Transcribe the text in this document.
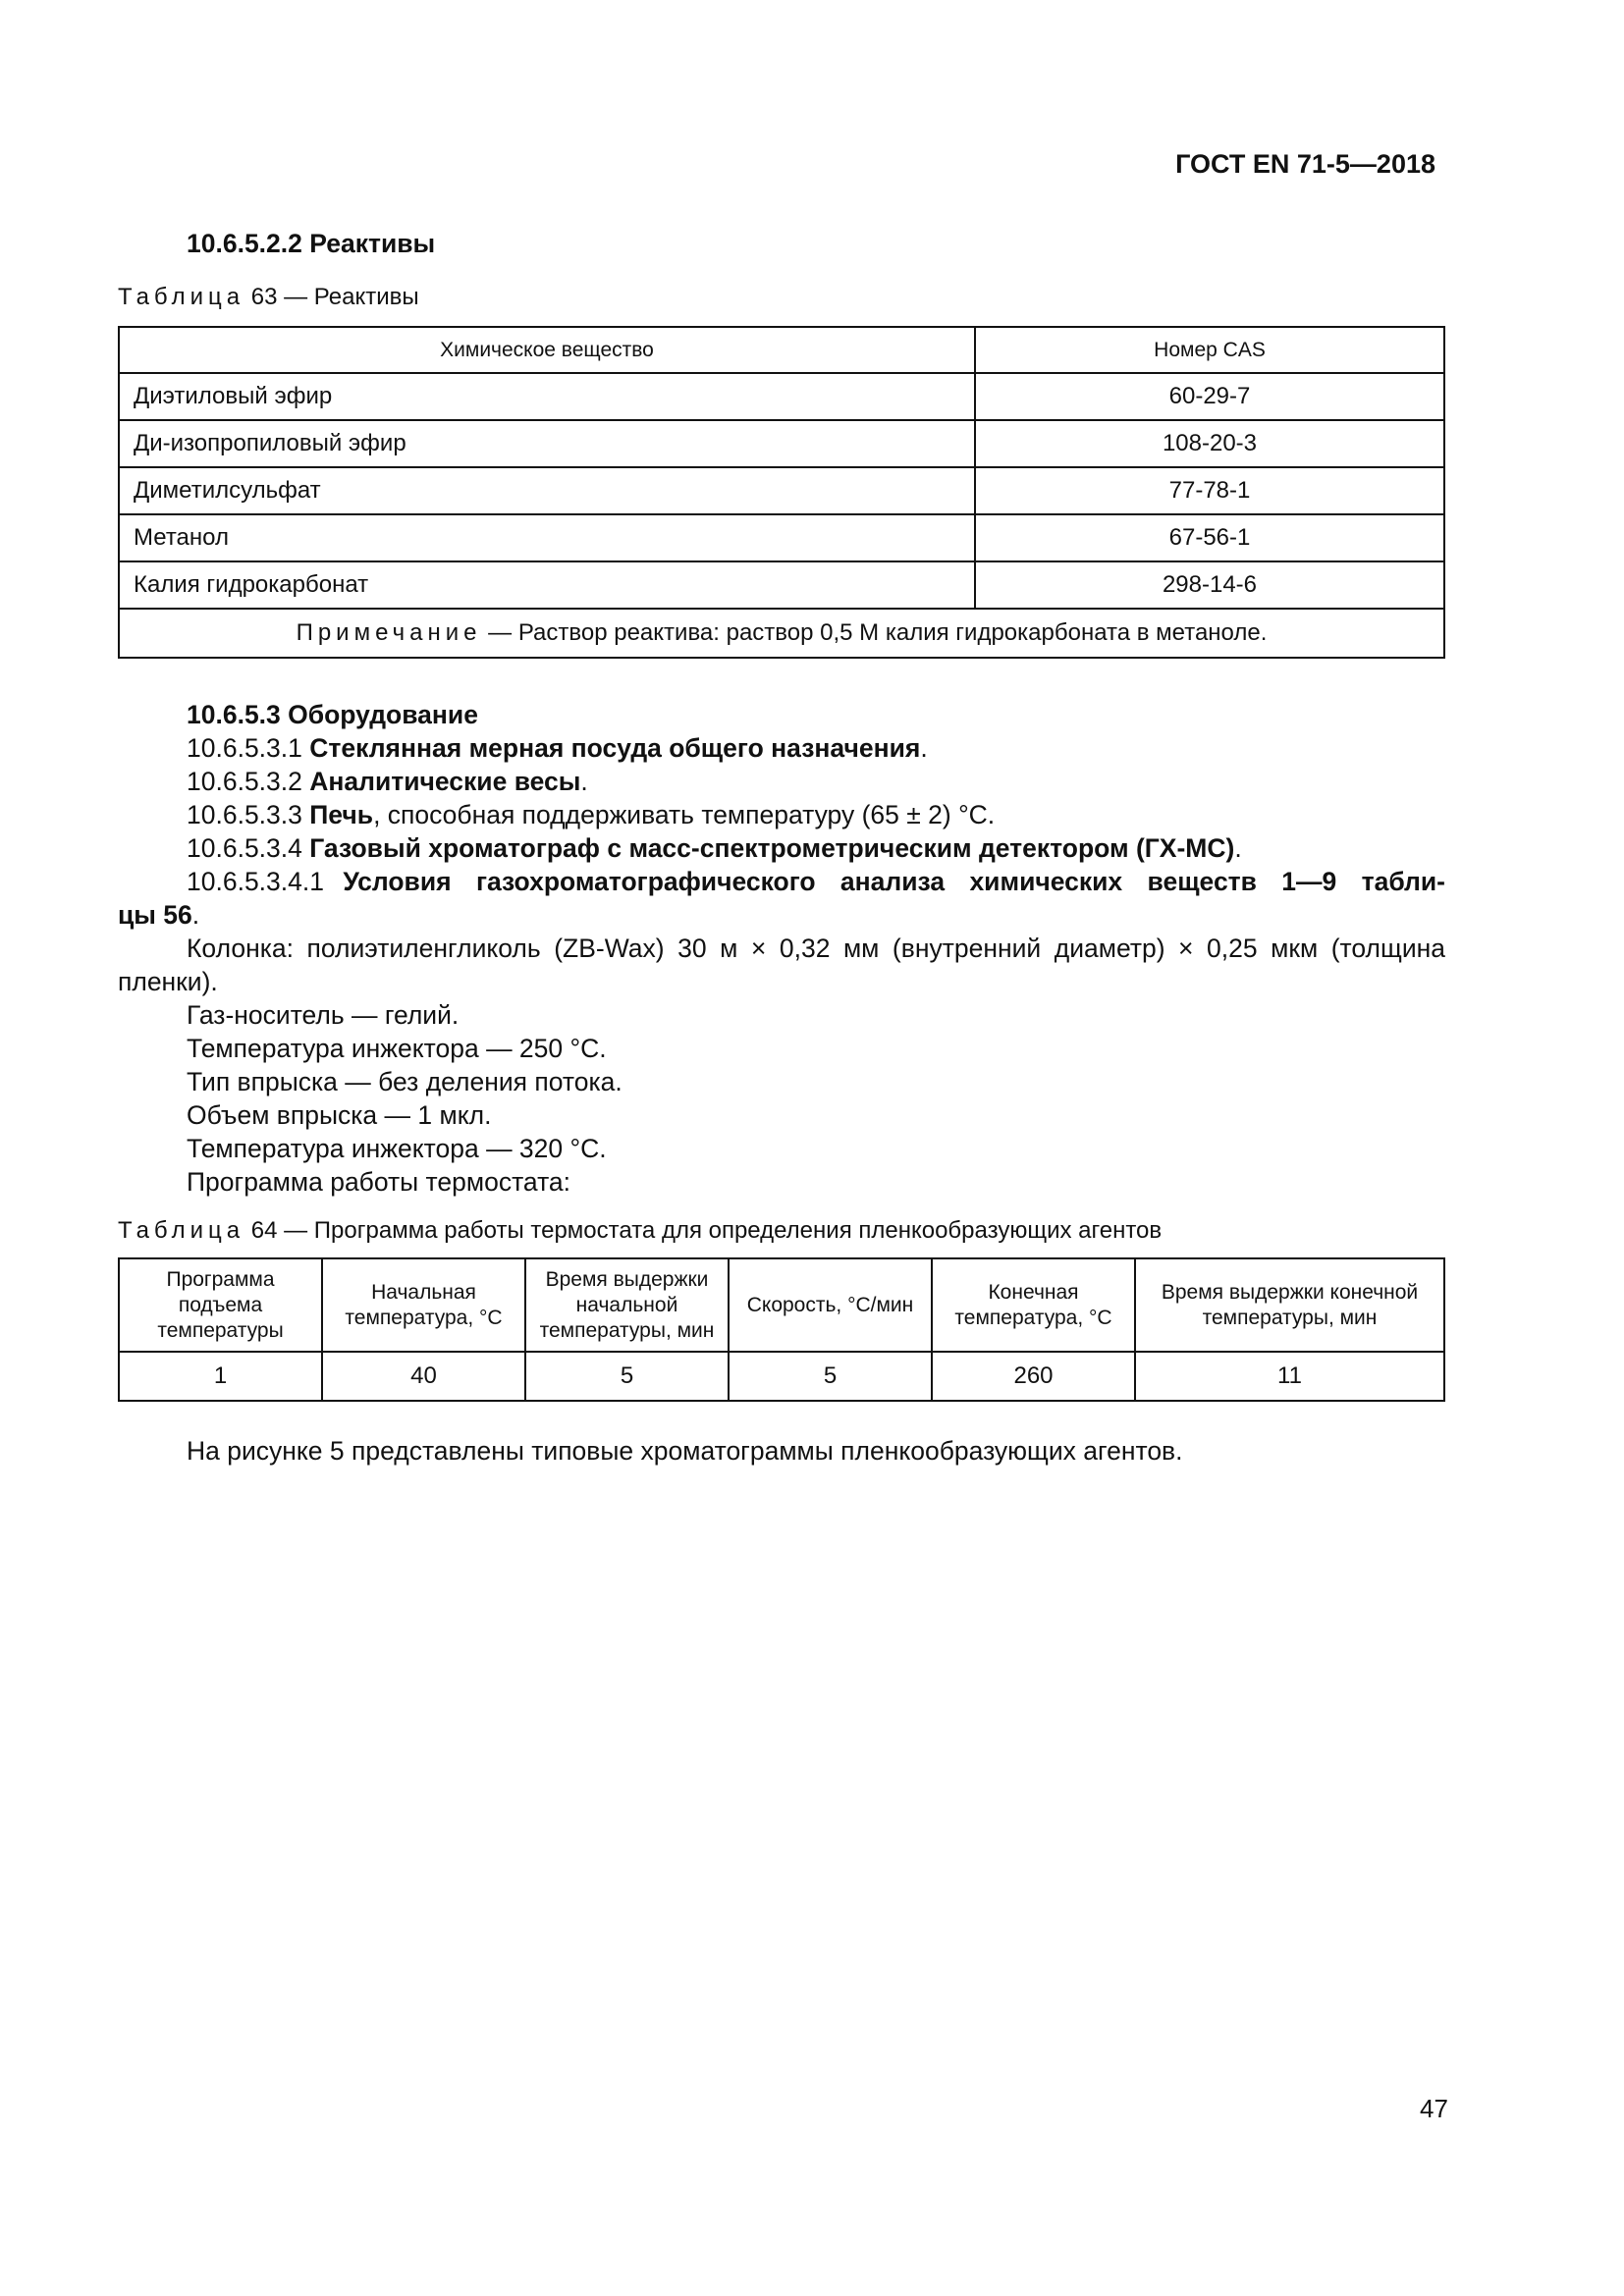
ГОСТ EN 71-5—2018
10.6.5.2.2 Реактивы
Таблица 63 — Реактивы
Химическое вещество	Номер CAS
Диэтиловый эфир	60-29-7
Ди-изопропиловый эфир	108-20-3
Диметилсульфат	77-78-1
Метанол	67-56-1
Калия гидрокарбонат	298-14-6
Примечание — Раствор реактива: раствор 0,5 М калия гидрокарбоната в метаноле.	
10.6.5.3 Оборудование
10.6.5.3.1 Стеклянная мерная посуда общего назначения.
10.6.5.3.2 Аналитические весы.
10.6.5.3.3 Печь, способная поддерживать температуру (65 ± 2) °С.
10.6.5.3.4 Газовый хроматограф с масс-спектрометрическим детектором (ГХ-МС).
10.6.5.3.4.1 Условия газохроматографического анализа химических веществ 1—9 табли-
цы 56.
Колонка: полиэтиленгликоль (ZB-Wax) 30 м × 0,32 мм (внутренний диаметр) × 0,25 мкм (толщина
пленки).
Газ-носитель — гелий.
Температура инжектора — 250 °С.
Тип впрыска — без деления потока.
Объем впрыска — 1 мкл.
Температура инжектора — 320 °С.
Программа работы термостата:
Таблица 64 — Программа работы термостата для определения пленкообразующих агентов
Программа подъема температуры	Начальная температура, °С	Время выдержки начальной температуры, мин	Скорость, °С/мин	Конечная температура, °С	Время выдержки конечной температуры, мин
1	40	5	5	260	11
На рисунке 5 представлены типовые хроматограммы пленкообразующих агентов.
47
